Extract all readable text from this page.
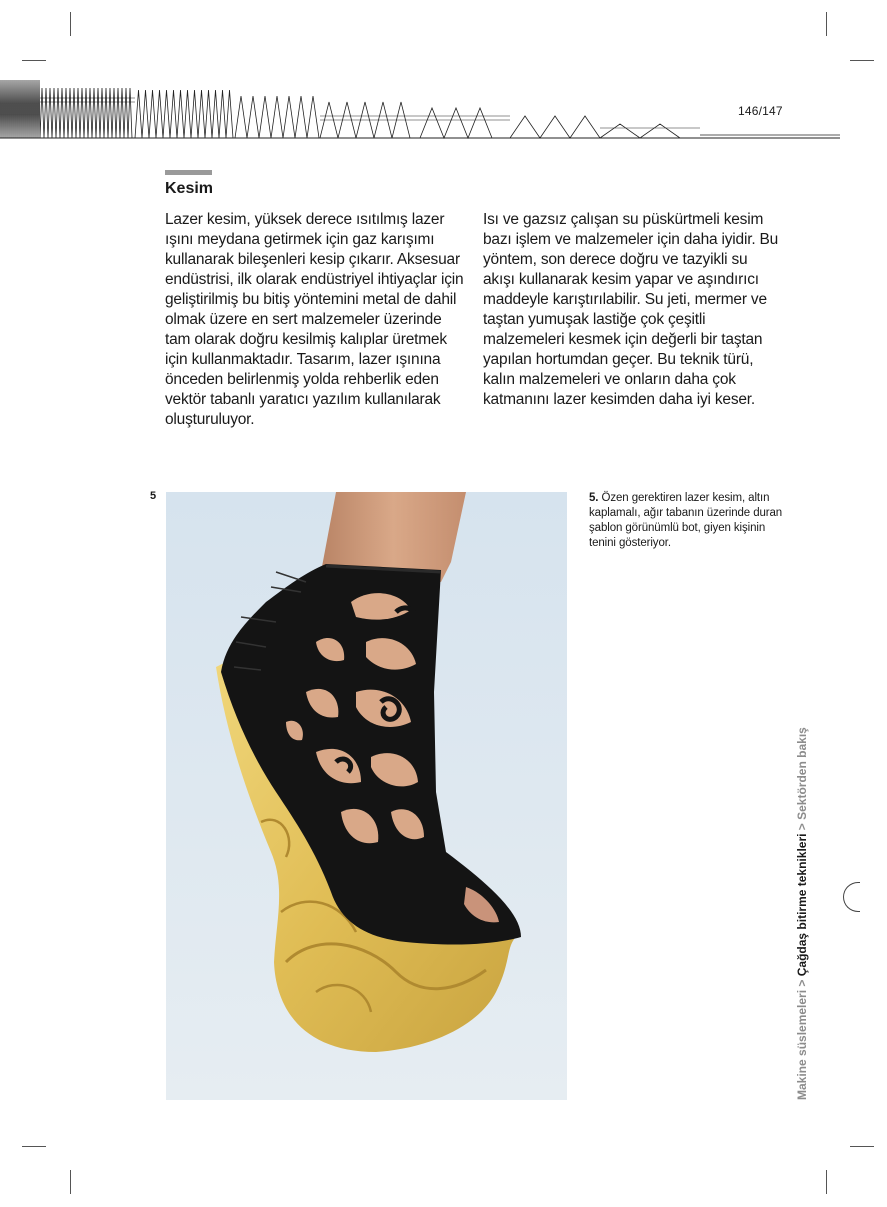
146/147
Kesim

Lazer kesim, yüksek derece ısıtılmış lazer ışını meydana getirmek için gaz karışımı kullanarak bileşenleri kesip çıkarır. Aksesuar endüstrisi, ilk olarak endüstriyel ihtiyaçlar için geliştirilmiş bu bitiş yöntemini metal de dahil olmak üzere en sert malzemeler üzerinde tam olarak doğru kesilmiş kalıplar üretmek için kullanmaktadır. Tasarım, lazer ışınına önceden belirlenmiş yolda rehberlik eden vektör tabanlı yaratıcı yazılım kullanılarak oluşturuluyor.

Isı ve gazsız çalışan su püskürtmeli kesim bazı işlem ve malzemeler için daha iyidir. Bu yöntem, son derece doğru ve tazyikli su akışı kullanarak kesim yapar ve aşındırıcı maddeyle karıştırılabilir. Su jeti, mermer ve taştan yumuşak lastiğe çok çeşitli malzemeleri kesmek için değerli bir taştan yapılan hortumdan geçer. Bu teknik türü, kalın malzemeleri ve onların daha çok katmanını lazer kesimden daha iyi keser.

5	5. Özen gerektiren lazer kesim, altın kaplamalı, ağır tabanın üzerinde duran şablon görünümlü bot, giyen kişinin tenini gösteriyor.

Makine süslemeleri > Çağdaş bitirme teknikleri > Sektörden bakış
